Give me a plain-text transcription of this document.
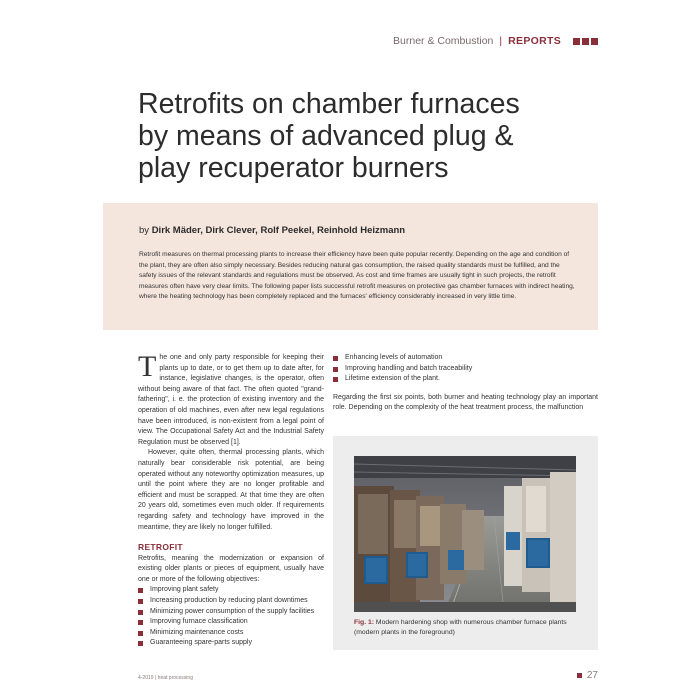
Burner & Combustion | REPORTS
Retrofits on chamber furnaces
by means of advanced plug &
play recuperator burners
by Dirk Mäder, Dirk Clever, Rolf Peekel, Reinhold Heizmann
Retrofit measures on thermal processing plants to increase their efficiency have been quite popular recently. Depending on the age and condition of the plant, they are often also simply necessary. Besides reducing natural gas consumption, the raised quality standards must be fulfilled, and the safety issues of the relevant standards and regulations must be observed. As cost and time frames are usually tight in such projects, the retrofit measures often have very clear limits. The following paper lists successful retrofit measures on protective gas chamber furnaces with indirect heating, where the heating technology has been completely replaced and the furnaces' efficiency considerably increased in very little time.

The one and only party responsible for keeping their plants up to date, or to get them up to date after, for instance, legislative changes, is the operator, often without being aware of that fact. The often quoted "grand-fathering", i. e. the protection of existing inventory and the operation of old machines, even after new legal regulations have been introduced, is non-existent from a legal point of view. The Occupational Safety Act and the Industrial Safety Regulation must be observed [1].

However, quite often, thermal processing plants, which naturally bear considerable risk potential, are being operated without any noteworthy optimization measures, up until the point where they are no longer profitable and efficient and must be scrapped. At that time they are often 20 years old, sometimes even much older. If requirements regarding safety and technology have improved in the meantime, they are likely no longer fulfilled.

RETROFIT

Retrofits, meaning the modernization or expansion of existing older plants or pieces of equipment, usually have one or more of the following objectives:

Improving plant safety
Increasing production by reducing plant downtimes
Minimizing power consumption of the supply facilities
Improving furnace classification
Minimizing maintenance costs
Guaranteeing spare-parts supply
Enhancing levels of automation
Improving handling and batch traceability
Lifetime extension of the plant.

Regarding the first six points, both burner and heating technology play an important role. Depending on the complexity of the heat treatment process, the malfunction

Fig. 1: Modern hardening shop with numerous chamber furnace plants (modern plants in the foreground)
4-2019 | heat processing	27
